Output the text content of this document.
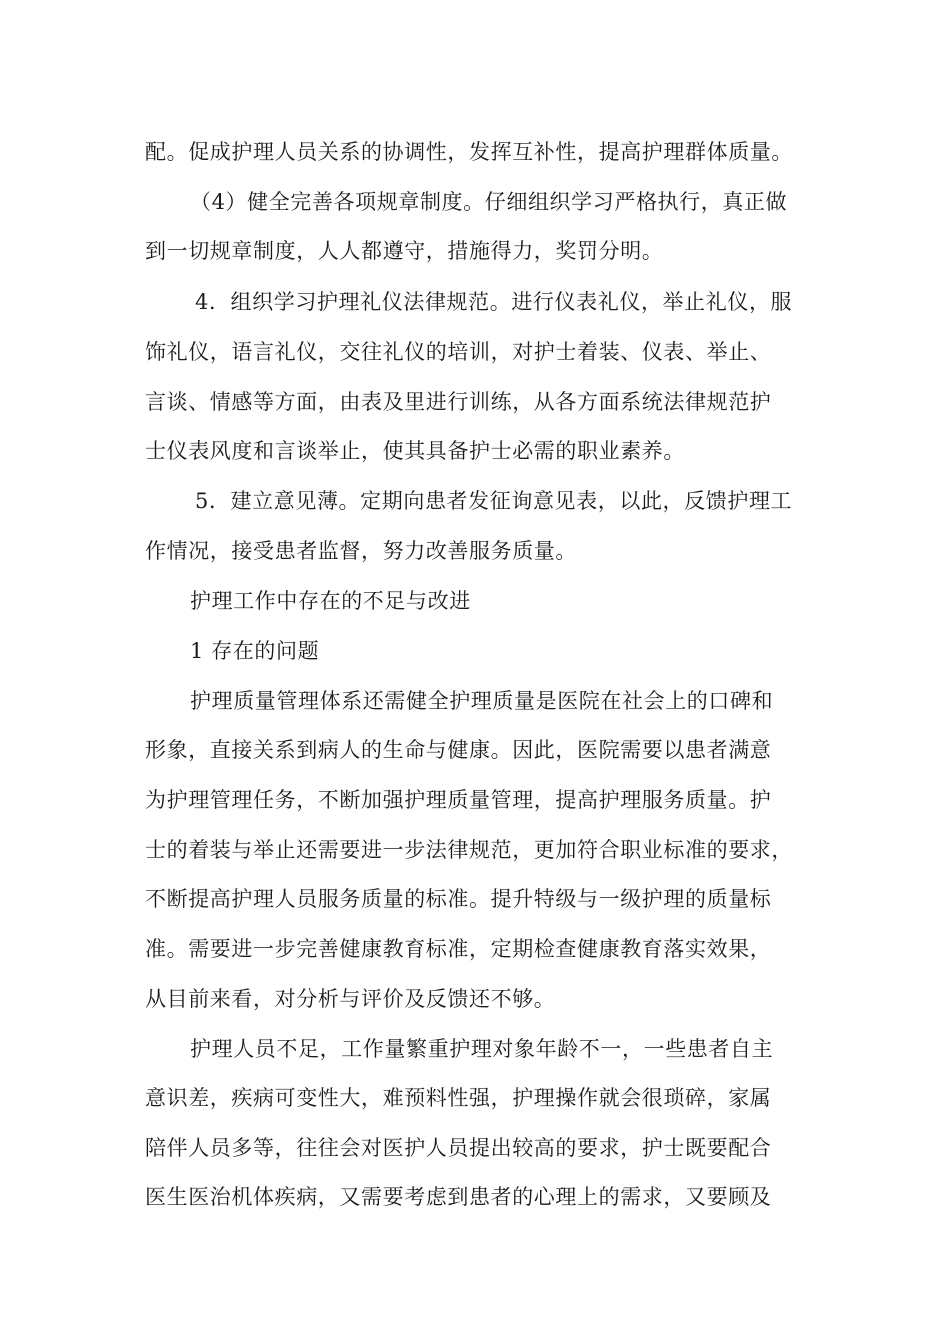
配。促成护理人员关系的协调性，发挥互补性，提高护理群体质量。
（4）健全完善各项规章制度。仔细组织学习严格执行，真正做
到一切规章制度，人人都遵守，措施得力，奖罚分明。
4．组织学习护理礼仪法律规范。进行仪表礼仪，举止礼仪，服
饰礼仪，语言礼仪，交往礼仪的培训，对护士着装、仪表、举止、
言谈、情感等方面，由表及里进行训练，从各方面系统法律规范护
士仪表风度和言谈举止，使其具备护士必需的职业素养。
5．建立意见薄。定期向患者发征询意见表，以此，反馈护理工
作情况，接受患者监督，努力改善服务质量。
护理工作中存在的不足与改进
1 存在的问题
护理质量管理体系还需健全护理质量是医院在社会上的口碑和
形象，直接关系到病人的生命与健康。因此，医院需要以患者满意
为护理管理任务，不断加强护理质量管理，提高护理服务质量。护
士的着装与举止还需要进一步法律规范，更加符合职业标准的要求，
不断提高护理人员服务质量的标准。提升特级与一级护理的质量标
准。需要进一步完善健康教育标准，定期检查健康教育落实效果，
从目前来看，对分析与评价及反馈还不够。
护理人员不足，工作量繁重护理对象年龄不一，一些患者自主
意识差，疾病可变性大，难预料性强，护理操作就会很琐碎，家属
陪伴人员多等，往往会对医护人员提出较高的要求，护士既要配合
医生医治机体疾病，又需要考虑到患者的心理上的需求，又要顾及
